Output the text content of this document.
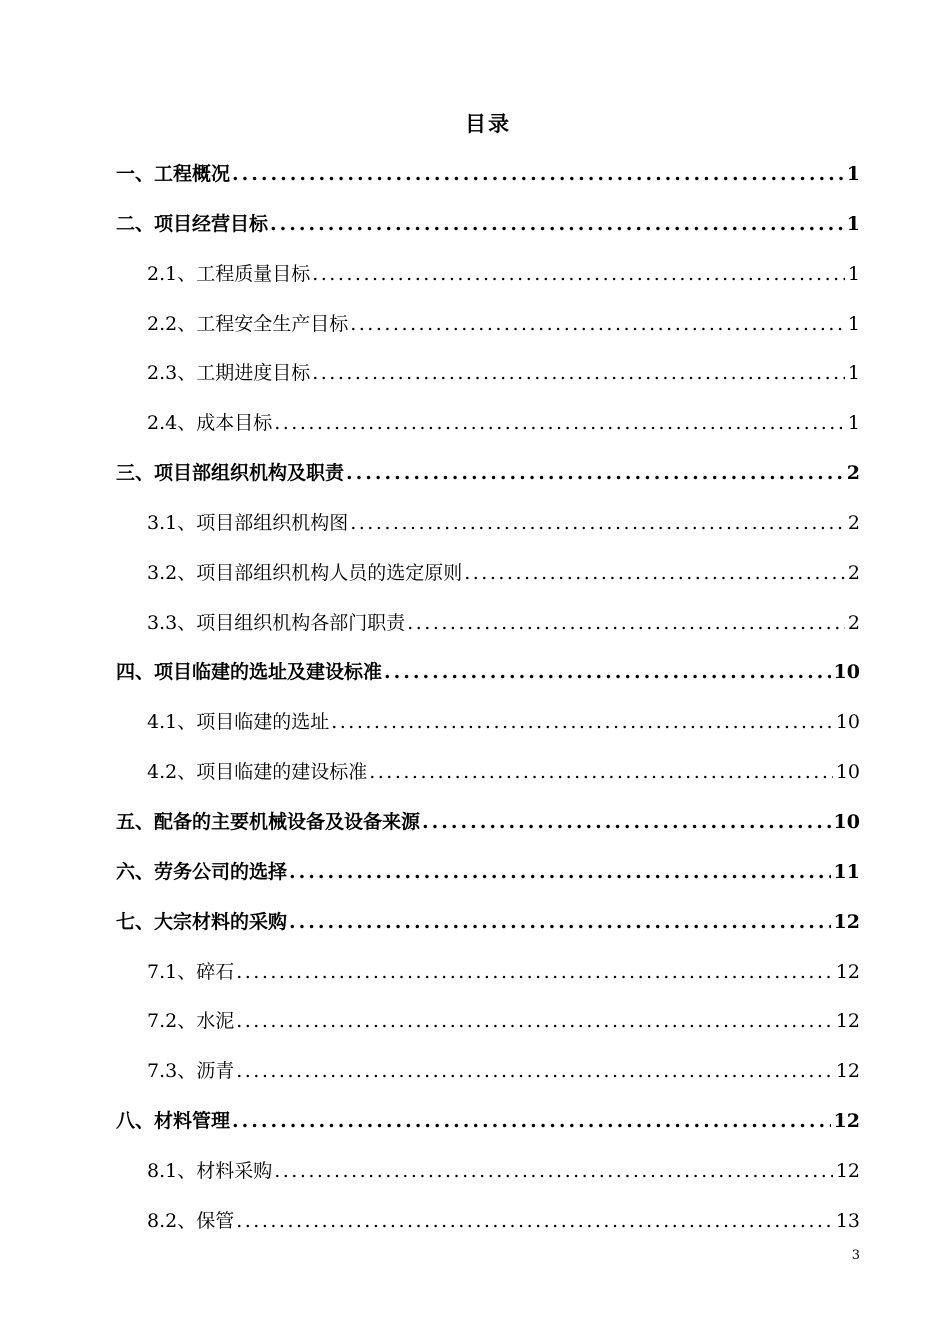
目录
一、工程概况 .....	1
二、项目经营目标 .....	1
2.1、工程质量目标 .....	1
2.2、工程安全生产目标 .....	1
2.3、工期进度目标 .....	1
2.4、成本目标 .....	1
三、项目部组织机构及职责 .....	2
3.1、项目部组织机构图 .....	2
3.2、项目部组织机构人员的选定原则 .....	2
3.3、项目组织机构各部门职责 .....	2
四、项目临建的选址及建设标准 .....	10
4.1、项目临建的选址 .....	10
4.2、项目临建的建设标准 .....	10
五、配备的主要机械设备及设备来源 .....	10
六、劳务公司的选择 .....	11
七、大宗材料的采购 .....	12
7.1、碎石 .....	12
7.2、水泥 .....	12
7.3、沥青 .....	12
八、材料管理 .....	12
8.1、材料采购 .....	12
8.2、保管 .....	13
3
